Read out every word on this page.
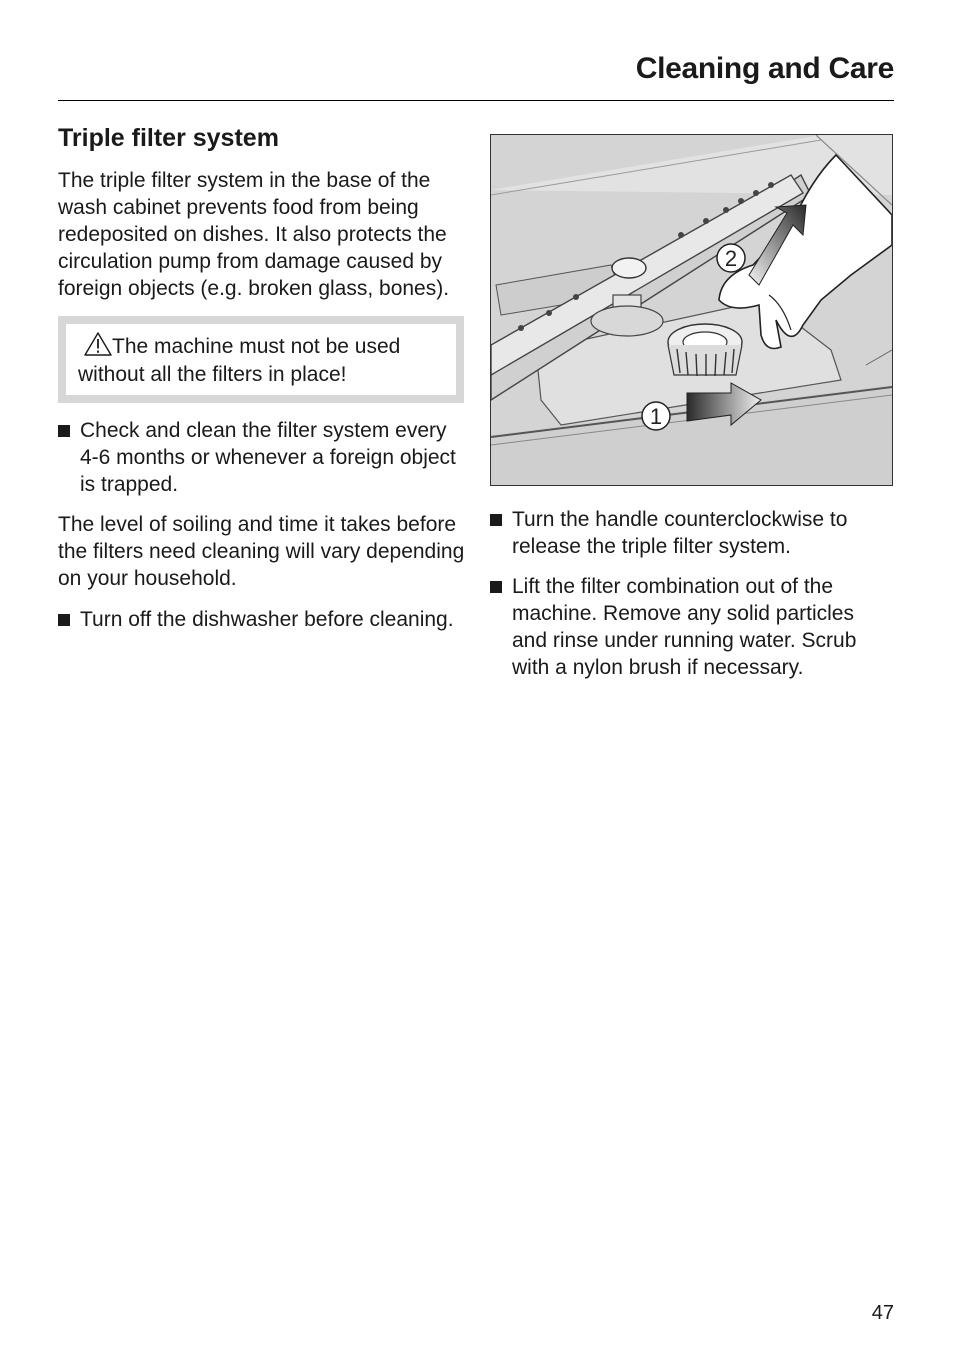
Cleaning and Care
Triple filter system

The triple filter system in the base of the wash cabinet prevents food from being redeposited on dishes. It also protects the circulation pump from damage caused by foreign objects (e.g. broken glass, bones).

The machine must not be used without all the filters in place!
Check and clean the filter system every 4-6 months or whenever a foreign object is trapped.

The level of soiling and time it takes before the filters need cleaning will vary depending on your household.

Turn off the dishwasher before cleaning.
2
1
Turn the handle counterclockwise to release the triple filter system.
Lift the filter combination out of the machine. Remove any solid particles and rinse under running water. Scrub with a nylon brush if necessary.
47
